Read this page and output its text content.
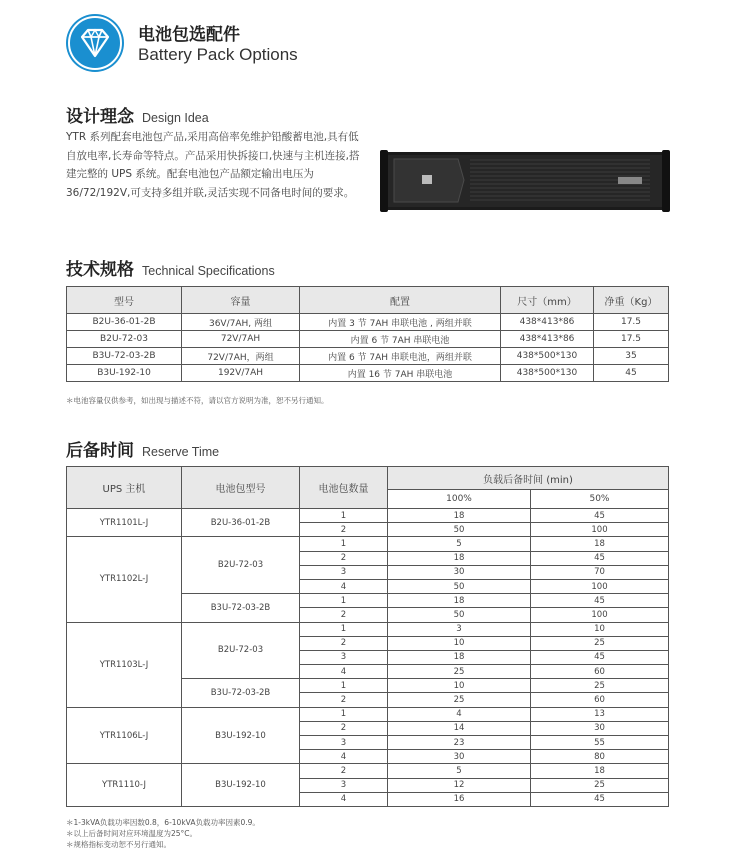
电池包选配件
Battery Pack Options
设计理念 Design Idea
YTR 系列配套电池包产品,采用高倍率免维护铅酸蓄电池,具有低自放电率,长寿命等特点。产品采用快拆接口,快速与主机连接,搭建完整的 UPS 系统。配套电池包产品额定输出电压为 36/72/192V,可支持多组并联,灵活实现不同备电时间的要求。
技术规格 Technical Specifications
型号	容量	配置	尺寸（mm）	净重（Kg）
B2U-36-01-2B	36V/7AH, 两组	内置 3 节 7AH 串联电池 , 两组并联	438*413*86	17.5
B2U-72-03	72V/7AH	内置 6 节 7AH 串联电池	438*413*86	17.5
B3U-72-03-2B	72V/7AH，两组	内置 6 节 7AH 串联电池，两组并联	438*500*130	35
B3U-192-10	192V/7AH	内置 16 节 7AH 串联电池	438*500*130	45
＊电池容量仅供参考，如出现与描述不符，请以官方说明为准，恕不另行通知。
后备时间 Reserve Time
UPS 主机	电池包型号	电池包数量	负载后备时间 (min)	
			100%	50%
YTR1101L-J	B2U-36-01-2B	1	18	45
		2	50	100
YTR1102L-J	B2U-72-03	1	5	18
		2	18	45
		3	30	70
		4	50	100
	B3U-72-03-2B	1	18	45
		2	50	100
YTR1103L-J	B2U-72-03	1	3	10
		2	10	25
		3	18	45
		4	25	60
	B3U-72-03-2B	1	10	25
		2	25	60
YTR1106L-J	B3U-192-10	1	4	13
		2	14	30
		3	23	55
		4	30	80
YTR1110-J	B3U-192-10	2	5	18
		3	12	25
		4	16	45
＊1-3kVA负载功率因数0.8，6-10kVA负载功率因素0.9。
＊以上后备时间对应环境温度为25°C。
＊规格指标变动恕不另行通知。
